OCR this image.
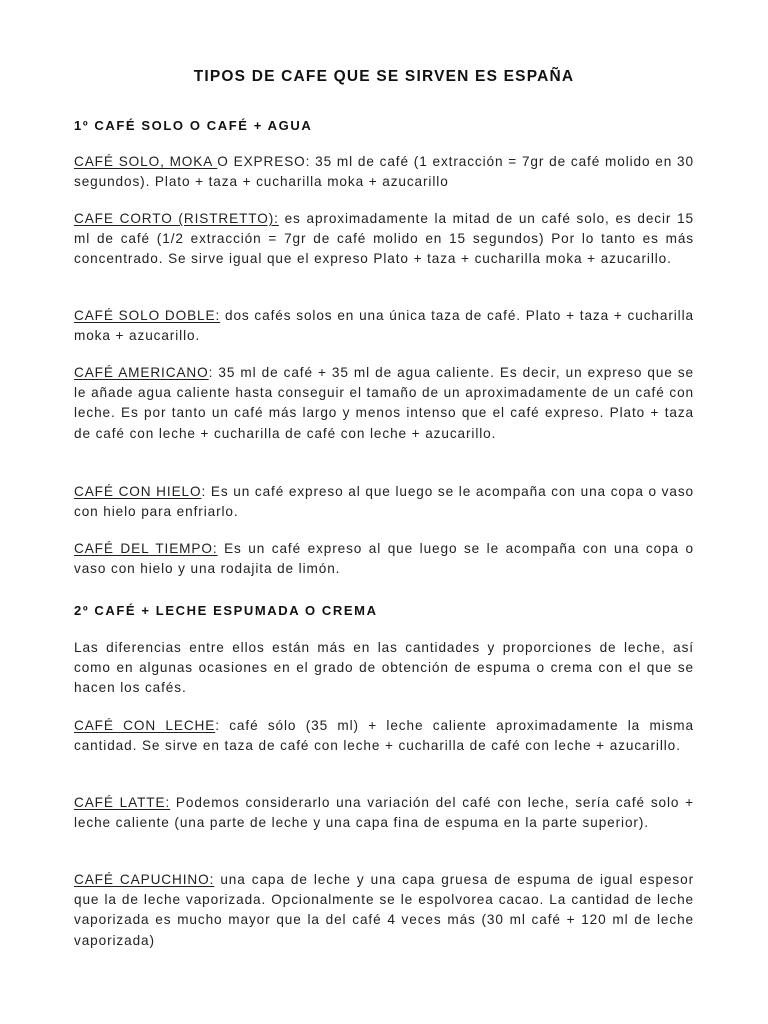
TIPOS DE CAFE QUE SE SIRVEN ES ESPAÑA
1º CAFÉ SOLO O CAFÉ + AGUA
CAFÉ SOLO, MOKA O EXPRESO: 35 ml de café (1 extracción = 7gr de café molido en 30 segundos). Plato + taza + cucharilla moka + azucarillo
CAFE CORTO (RISTRETTO): es aproximadamente la mitad de un café solo, es decir 15 ml de café (1/2 extracción = 7gr de café molido en 15 segundos) Por lo tanto es más concentrado. Se sirve igual que el expreso Plato + taza + cucharilla moka + azucarillo.
CAFÉ SOLO DOBLE: dos cafés solos en una única taza de café. Plato + taza + cucharilla moka + azucarillo.
CAFÉ AMERICANO: 35 ml de café + 35 ml de agua caliente. Es decir, un expreso que se le añade agua caliente hasta conseguir el tamaño de un aproximadamente de un café con leche. Es por tanto un café más largo y menos intenso que el café expreso. Plato + taza de café con leche + cucharilla de café con leche + azucarillo.
CAFÉ CON HIELO: Es un café expreso al que luego se le acompaña con una copa o vaso con hielo para enfriarlo.
CAFÉ DEL TIEMPO: Es un café expreso al que luego se le acompaña con una copa o vaso con hielo y una rodajita de limón.
2º CAFÉ + LECHE ESPUMADA O CREMA
Las diferencias entre ellos están más en las cantidades y proporciones de leche, así como en algunas ocasiones en el grado de obtención de espuma o crema con el que se hacen los cafés.
CAFÉ CON LECHE: café sólo (35 ml) + leche caliente aproximadamente la misma cantidad. Se sirve en taza de café con leche + cucharilla de café con leche + azucarillo.
CAFÉ LATTE: Podemos considerarlo una variación del café con leche, sería café solo + leche caliente (una parte de leche y una capa fina de espuma en la parte superior).
CAFÉ CAPUCHINO: una capa de leche y una capa gruesa de espuma de igual espesor que la de leche vaporizada. Opcionalmente se le espolvorea cacao. La cantidad de leche vaporizada es mucho mayor que la del café 4 veces más (30 ml café + 120 ml de leche vaporizada)
